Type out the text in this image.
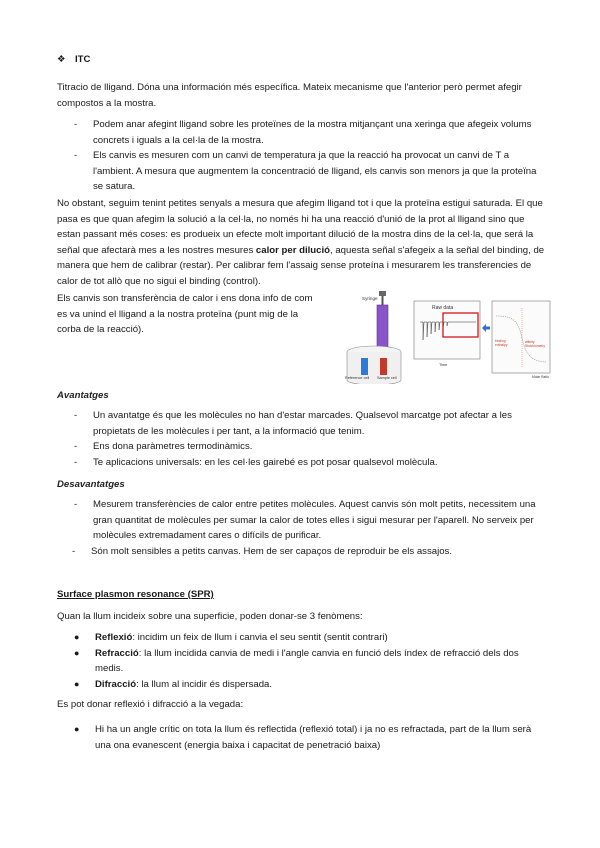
❖ ITC
Titracio de lligand. Dóna una información més específica. Mateix mecanisme que l'anterior però permet afegir compostos a la mostra.
- Podem anar afegint lligand sobre les proteïnes de la mostra mitjançant una xeringa que afegeix volums concrets i iguals a la cel·la de la mostra.
- Els canvis es mesuren com un canvi de temperatura ja que la reacció ha provocat un canvi de T a l'ambient. A mesura que augmentem la concentració de lligand, els canvis son menors ja que la proteïna se satura.
No obstant, seguim tenint petites senyals a mesura que afegim lligand tot i que la proteïna estigui saturada. El que pasa es que quan afegim la solució a la cel·la, no només hi ha una reacció d'unió de la prot al lligand sino que estan passant més coses: es produeix un efecte molt important dilució de la mostra dins de la cel·la, que será la señal que afectarà mes a les nostres mesures calor per dilució, aquesta señal s'afegeix a la señal del binding, de manera que hem de calibrar (restar). Per calibrar fem l'assaig sense proteína i mesurarem les transferencies de calor de tot allò que no sigui el binding (control).
Els canvis son transferència de calor i ens dona info de com es va unind el lligand a la nostra proteïna (punt mig de la corba de la reacció).
Syringe
Reference cell Sample cell
Raw data
Time
binding
enthalpy
affinity
Stoichiometry
Molar Ratio
Avantatges
- Un avantatge és que les molècules no han d'estar marcades. Qualsevol marcatge pot afectar a les propietats de les molècules i per tant, a la informació que tenim.
- Ens dona paràmetres termodinàmics.
- Te aplicacions universals: en les cel·les gairebé es pot posar qualsevol molècula.
Desavantatges
- Mesurem transferències de calor entre petites molècules. Aquest canvis són molt petits, necessitem una gran quantitat de molècules per sumar la calor de totes elles i sigui mesurar per l'aparell. No serveix per molècules extremadament cares o difícils de purificar.
- Són molt sensibles a petits canvas. Hem de ser capaços de reproduir be els assajos.
Surface plasmon resonance (SPR)
Quan la llum incideix sobre una superficie, poden donar-se 3 fenòmens:
● Reflexió: incidim un feix de llum i canvia el seu sentit (sentit contrari)
● Refracció: la llum incidida canvia de medi i l'angle canvia en funció dels índex de refracció dels dos medis.
● Difracció: la llum al incidir és dispersada.
Es pot donar reflexió i difracció a la vegada:
● Hi ha un angle crític on tota la llum és reflectida (reflexió total) i ja no es refractada, part de la llum serà una ona evanescent (energia baixa i capacitat de penetració baixa)
